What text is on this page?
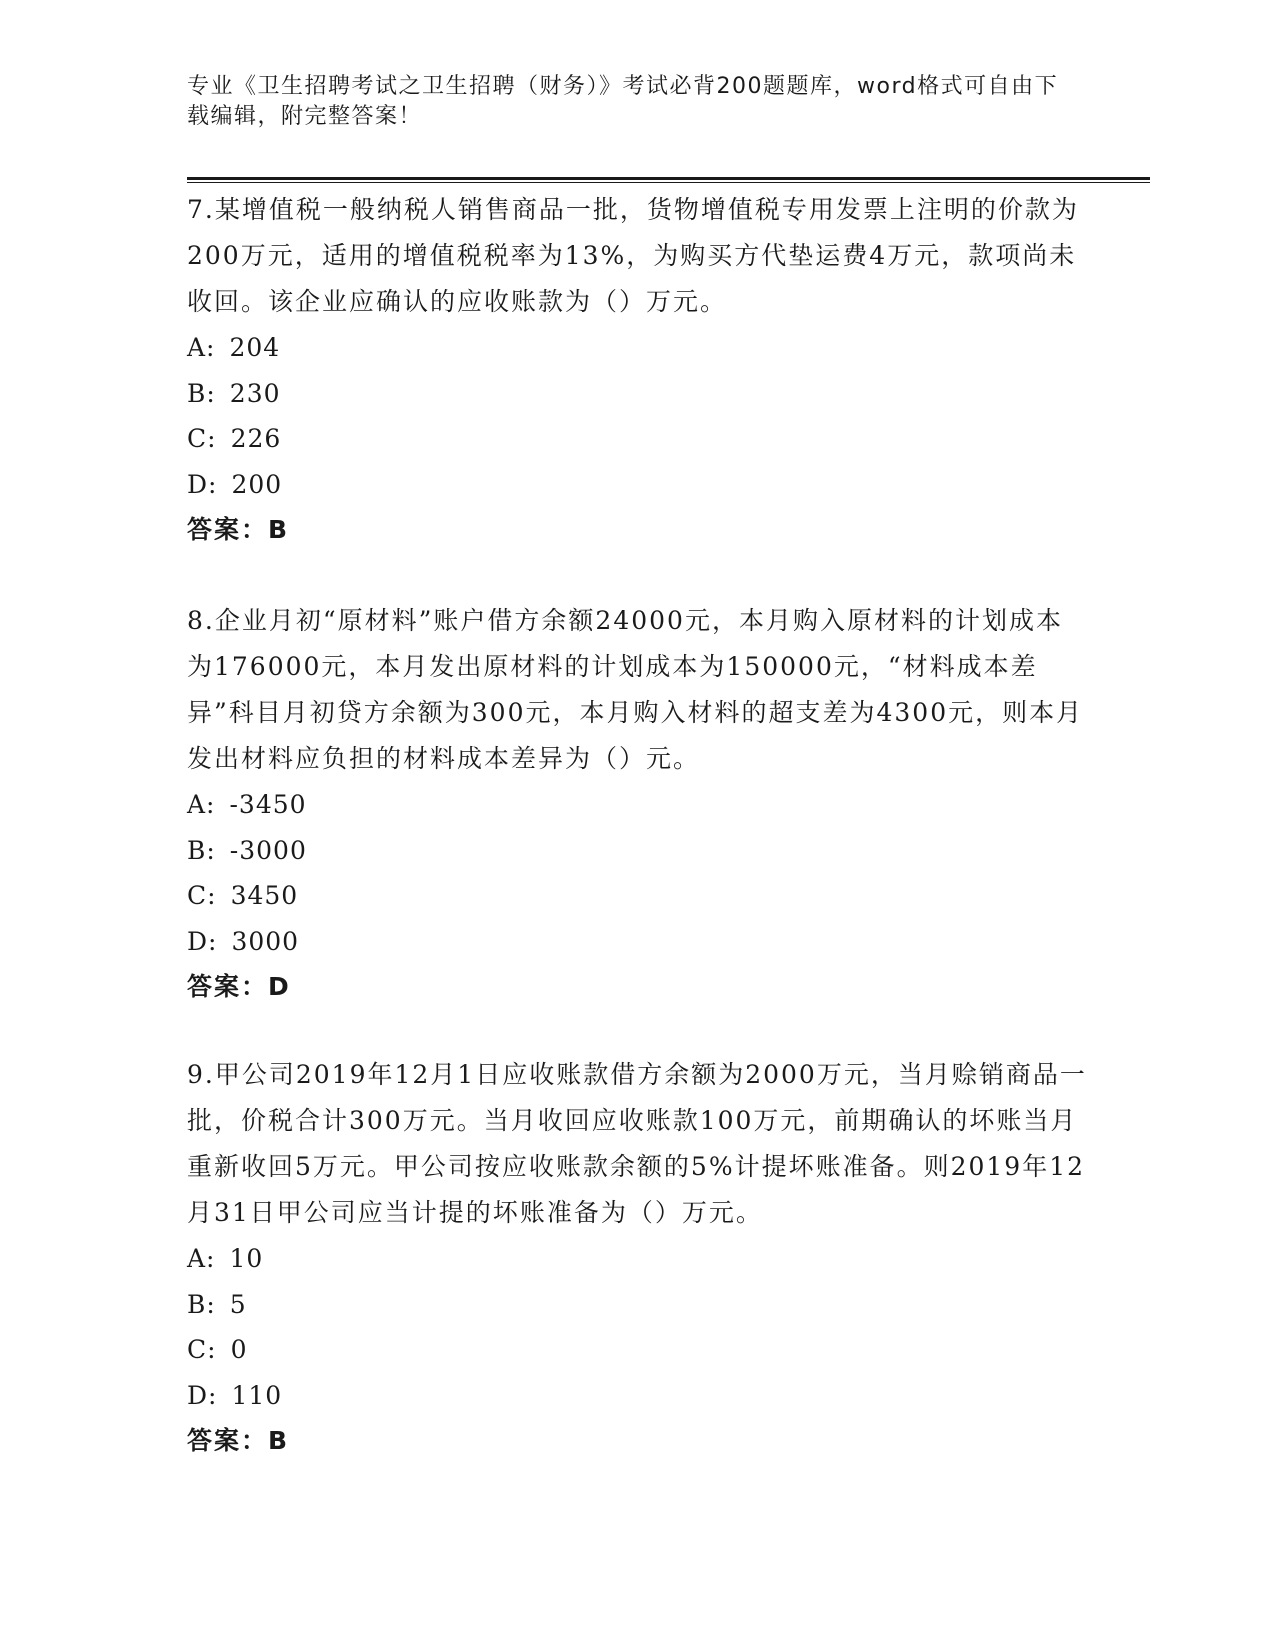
专业《卫生招聘考试之卫生招聘（财务）》考试必背200题题库，word格式可自由下载编辑，附完整答案！

7.某增值税一般纳税人销售商品一批，货物增值税专用发票上注明的价款为200万元，适用的增值税税率为13%，为购买方代垫运费4万元，款项尚未收回。该企业应确认的应收账款为（）万元。

A: 204

B: 230

C: 226

D: 200

答案：B

8.企业月初“原材料”账户借方余额24000元，本月购入原材料的计划成本为176000元，本月发出原材料的计划成本为150000元，“材料成本差异”科目月初贷方余额为300元，本月购入材料的超支差为4300元，则本月发出材料应负担的材料成本差异为（）元。

A: -3450

B: -3000

C: 3450

D: 3000

答案：D

9.甲公司2019年12月1日应收账款借方余额为2000万元，当月赊销商品一批，价税合计300万元。当月收回应收账款100万元，前期确认的坏账当月重新收回5万元。甲公司按应收账款余额的5%计提坏账准备。则2019年12月31日甲公司应当计提的坏账准备为（）万元。

A: 10

B: 5

C: 0

D: 110

答案：B
